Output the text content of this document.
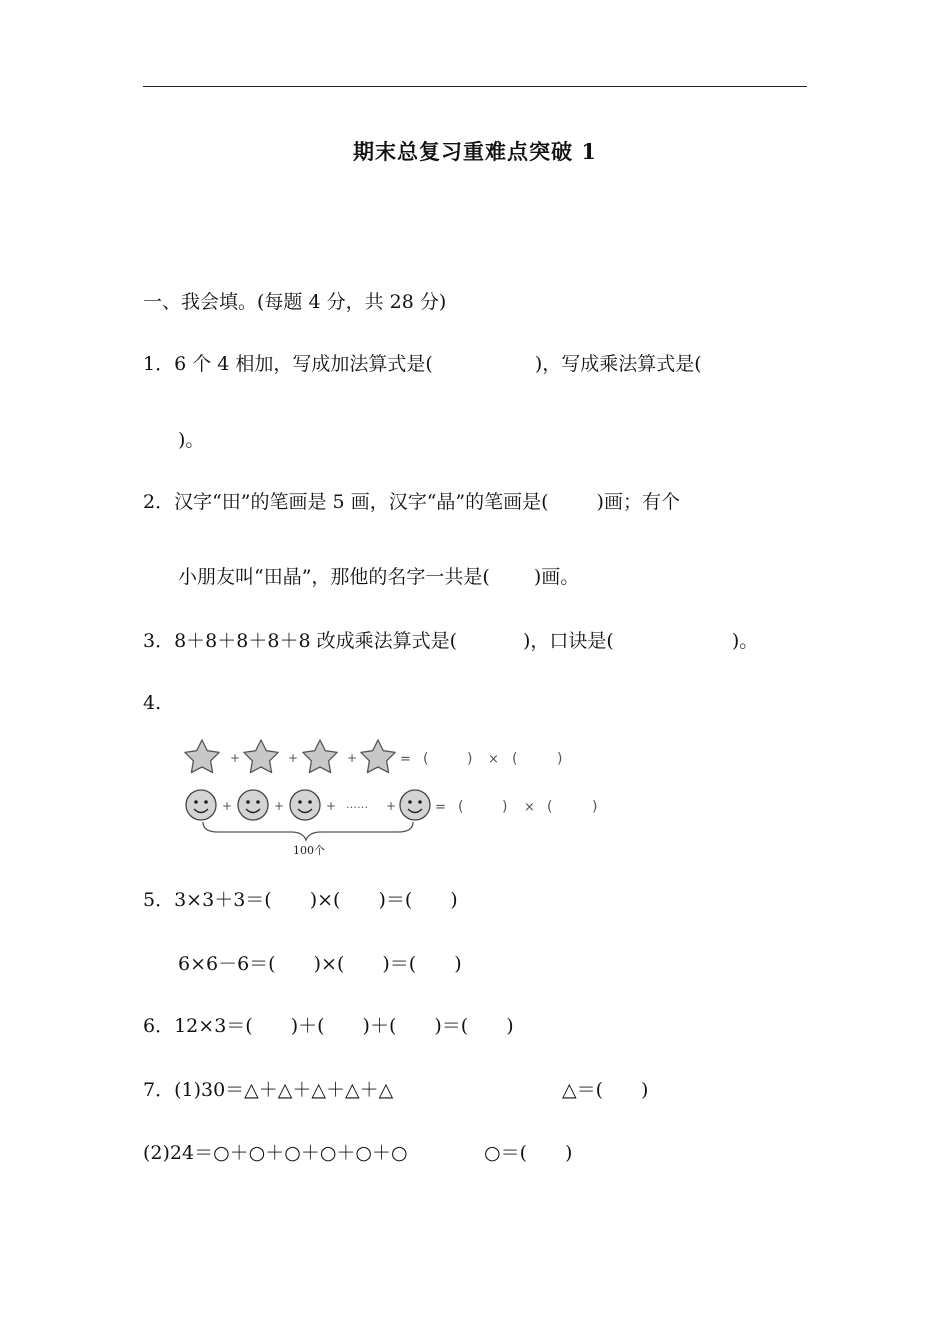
期末总复习重难点突破 1
一、我会填。(每题 4 分，共 28 分)
1．6 个 4 相加，写成加法算式是(	)，写成乘法算式是(
)。
2．汉字“田”的笔画是 5 画，汉字“晶”的笔画是(	)画；有个
小朋友叫“田晶”，那他的名字一共是( )画。
3．8＋8＋8＋8＋8 改成乘法算式是(	)，口诀是(	)。
4.
+	+	+	= (	) × (	)
+	+	+ …… +	= (	) × (	)
100个
5．3×3＋3＝( )×( )＝( )
6×6－6＝( )×( )＝( )
6．12×3＝( )＋( )＋( )＝( )
7．(1)30＝△＋△＋△＋△＋△	△＝( )
(2)24＝○＋○＋○＋○＋○＋○	○＝( )
